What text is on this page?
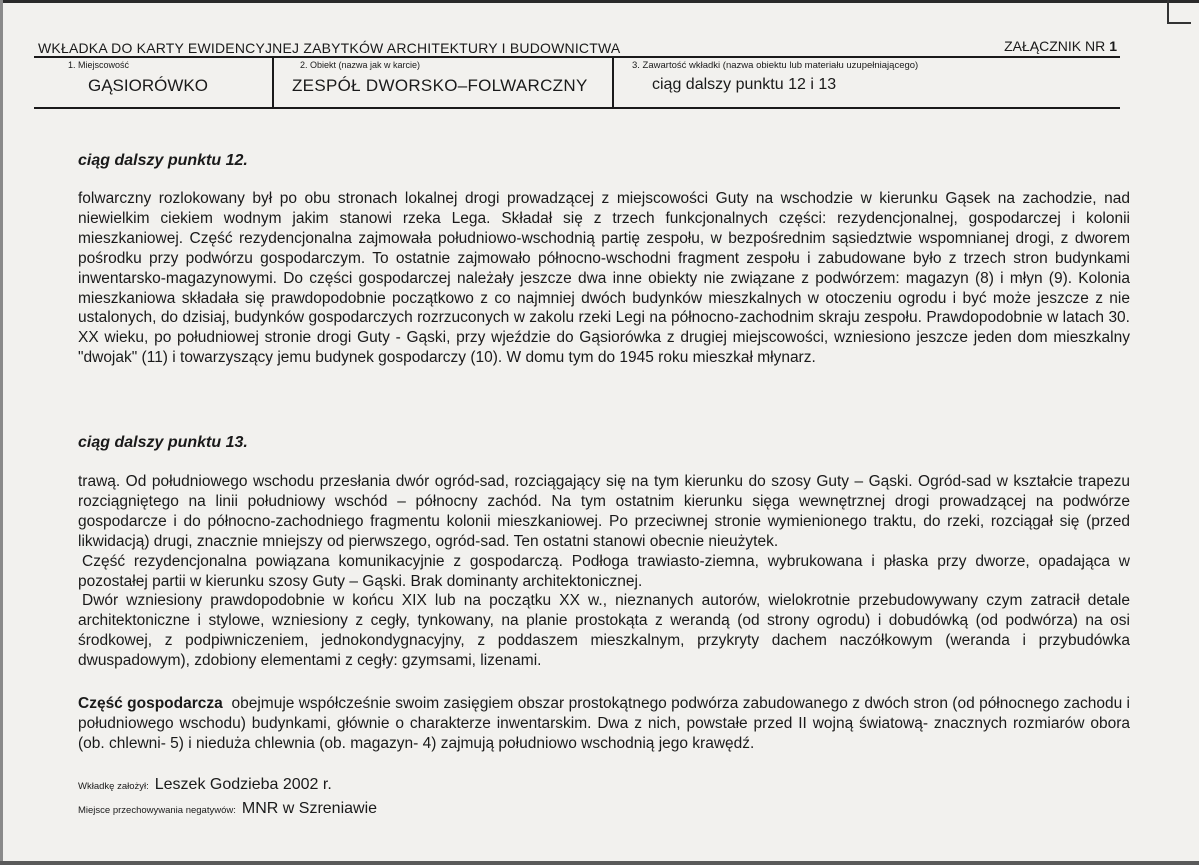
WKŁADKA DO KARTY EWIDENCYJNEJ ZABYTKÓW ARCHITEKTURY I BUDOWNICTWA	ZAŁĄCZNIK NR 1
1. Miejscowość
GĄSIORÓWKO
2. Obiekt (nazwa jak w karcie)
ZESPÓŁ DWORSKO–FOLWARCZNY
3. Zawartość wkładki (nazwa obiektu lub materiału uzupełniającego)
ciąg dalszy punktu 12 i 13
ciąg dalszy punktu 12.

folwarczny rozlokowany był po obu stronach lokalnej drogi prowadzącej z miejscowości Guty na wschodzie w kierunku Gąsek na zachodzie, nad niewielkim ciekiem wodnym jakim stanowi rzeka Lega. Składał się z trzech funkcjonalnych części: rezydencjonalnej, gospodarczej i kolonii mieszkaniowej. Część rezydencjonalna zajmowała południowo-wschodnią partię zespołu, w bezpośrednim sąsiedztwie wspomnianej drogi, z dworem pośrodku przy podwórzu gospodarczym. To ostatnie zajmowało północno-wschodni fragment zespołu i zabudowane było z trzech stron budynkami inwentarsko-magazynowymi. Do części gospodarczej należały jeszcze dwa inne obiekty nie związane z podwórzem: magazyn (8) i młyn (9). Kolonia mieszkaniowa składała się prawdopodobnie początkowo z co najmniej dwóch budynków mieszkalnych w otoczeniu ogrodu i być może jeszcze z nie ustalonych, do dzisiaj, budynków gospodarczych rozrzuconych w zakolu rzeki Legi na północno-zachodnim skraju zespołu. Prawdopodobnie w latach 30. XX wieku, po południowej stronie drogi Guty - Gąski, przy wjeździe do Gąsiorówka z drugiej miejscowości, wzniesiono jeszcze jeden dom mieszkalny "dwojak" (11) i towarzyszący jemu budynek gospodarczy (10). W domu tym do 1945 roku mieszkał młynarz.

ciąg dalszy punktu 13.

trawą. Od południowego wschodu przesłania dwór ogród-sad, rozciągający się na tym kierunku do szosy Guty – Gąski. Ogród-sad w kształcie trapezu rozciągniętego na linii południowy wschód – północny zachód. Na tym ostatnim kierunku sięga wewnętrznej drogi prowadzącej na podwórze gospodarcze i do północno-zachodniego fragmentu kolonii mieszkaniowej. Po przeciwnej stronie wymienionego traktu, do rzeki, rozciągał się (przed likwidacją) drugi, znacznie mniejszy od pierwszego, ogród-sad. Ten ostatni stanowi obecnie nieużytek.

Część rezydencjonalna powiązana komunikacyjnie z gospodarczą. Podłoga trawiasto-ziemna, wybrukowana i płaska przy dworze, opadająca w pozostałej partii w kierunku szosy Guty – Gąski. Brak dominanty architektonicznej.

Dwór wzniesiony prawdopodobnie w końcu XIX lub na początku XX w., nieznanych autorów, wielokrotnie przebudowywany czym zatracił detale architektoniczne i stylowe, wzniesiony z cegły, tynkowany, na planie prostokąta z werandą (od strony ogrodu) i dobudówką (od podwórza) na osi środkowej, z podpiwniczeniem, jednokondygnacyjny, z poddaszem mieszkalnym, przykryty dachem naczółkowym (weranda i przybudówka dwuspadowym), zdobiony elementami z cegły: gzymsami, lizenami.

Część gospodarcza obejmuje współcześnie swoim zasięgiem obszar prostokątnego podwórza zabudowanego z dwóch stron (od północnego zachodu i południowego wschodu) budynkami, głównie o charakterze inwentarskim. Dwa z nich, powstałe przed II wojną światową- znacznych rozmiarów obora (ob. chlewni- 5) i nieduża chlewnia (ob. magazyn- 4) zajmują południowo wschodnią jego krawędź.
Wkładkę założył: Leszek Godzieba 2002 r.
Miejsce przechowywania negatywów: MNR w Szreniawie
